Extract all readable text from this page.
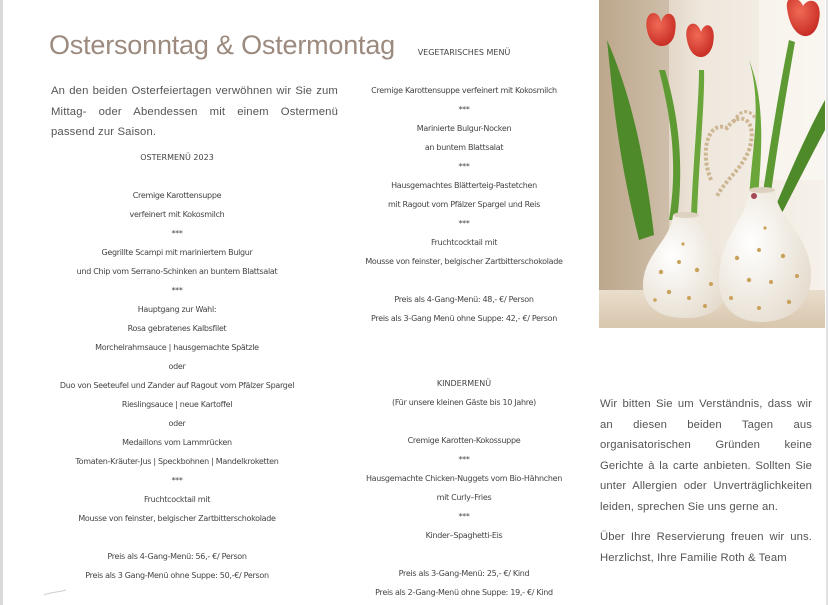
Ostersonntag & Ostermontag

An den beiden Osterfeiertagen verwöhnen wir Sie zum Mittag- oder Abendessen mit einem Ostermenü passend zur Saison.

OSTERMENÜ 2023
Cremige Karottensuppe
verfeinert mit Kokosmilch
***
Gegrillte Scampi mit mariniertem Bulgur
und Chip vom Serrano-Schinken an buntem Blattsalat
***
Hauptgang zur Wahl:
Rosa gebratenes Kalbsfilet
Morchelrahmsauce | hausgemachte Spätzle
oder
Duo von Seeteufel und Zander auf Ragout vom Pfälzer Spargel
Rieslingsauce | neue Kartoffel
oder
Medaillons vom Lammrücken
Tomaten-Kräuter-Jus | Speckbohnen | Mandelkroketten
***
Fruchtcocktail mit
Mousse von feinster, belgischer Zartbitterschokolade
Preis als 4-Gang-Menü: 56,- €/ Person
Preis als 3 Gang-Menü ohne Suppe: 50,-€/ Person
VEGETARISCHES MENÜ
Cremige Karottensuppe verfeinert mit Kokosmilch
***
Marinierte Bulgur-Nocken
an buntem Blattsalat
***
Hausgemachtes Blätterteig-Pastetchen
mit Ragout vom Pfälzer Spargel und Reis
***
Fruchtcocktail mit
Mousse von feinster, belgischer Zartbitterschokolade
Preis als 4-Gang-Menü: 48,- €/ Person
Preis als 3-Gang Menü ohne Suppe: 42,- €/ Person
KINDERMENÜ
(Für unsere kleinen Gäste bis 10 Jahre)
Cremige Karotten-Kokossuppe
***
Hausgemachte Chicken-Nuggets vom Bio-Hähnchen
mit Curly–Fries
***
Kinder–Spaghetti-Eis
Preis als 3-Gang-Menü: 25,- €/ Kind
Preis als 2-Gang-Menü ohne Suppe: 19,- €/ Kind

Wir bitten Sie um Verständnis, dass wir an diesen beiden Tagen aus organisatorischen Gründen keine Gerichte à la carte anbieten. Sollten Sie unter Allergien oder Unverträglichkeiten leiden, sprechen Sie uns gerne an.

Über Ihre Reservierung freuen wir uns. Herzlichst, Ihre Familie Roth & Team
